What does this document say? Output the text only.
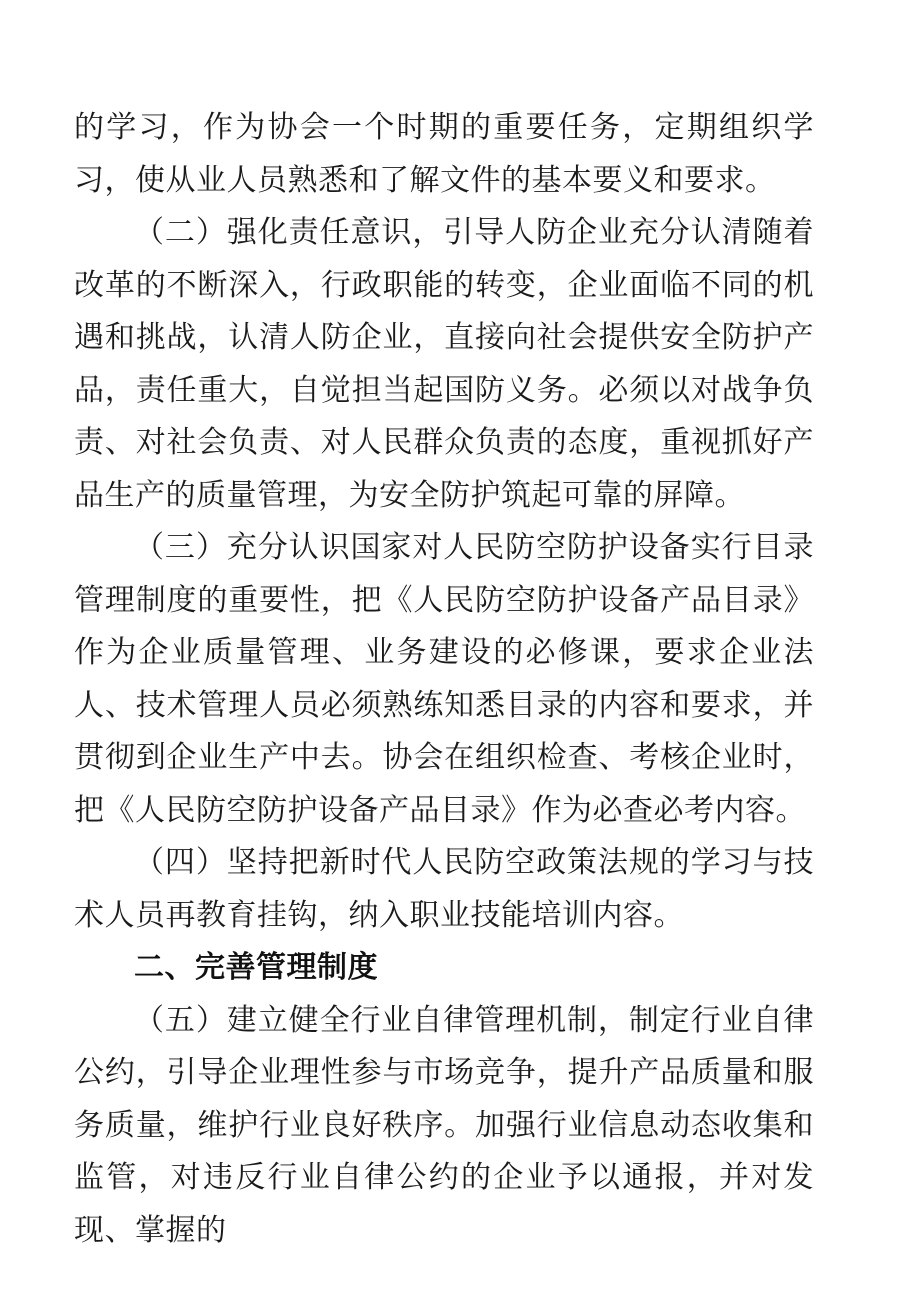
的学习，作为协会一个时期的重要任务，定期组织学习，使从业人员熟悉和了解文件的基本要义和要求。

（二）强化责任意识，引导人防企业充分认清随着改革的不断深入，行政职能的转变，企业面临不同的机遇和挑战，认清人防企业，直接向社会提供安全防护产品，责任重大，自觉担当起国防义务。必须以对战争负责、对社会负责、对人民群众负责的态度，重视抓好产品生产的质量管理，为安全防护筑起可靠的屏障。

（三）充分认识国家对人民防空防护设备实行目录管理制度的重要性，把《人民防空防护设备产品目录》作为企业质量管理、业务建设的必修课，要求企业法人、技术管理人员必须熟练知悉目录的内容和要求，并贯彻到企业生产中去。协会在组织检查、考核企业时，把《人民防空防护设备产品目录》作为必查必考内容。

（四）坚持把新时代人民防空政策法规的学习与技术人员再教育挂钩，纳入职业技能培训内容。

二、完善管理制度

（五）建立健全行业自律管理机制，制定行业自律公约，引导企业理性参与市场竞争，提升产品质量和服务质量，维护行业良好秩序。加强行业信息动态收集和监管，对违反行业自律公约的企业予以通报，并对发现、掌握的
